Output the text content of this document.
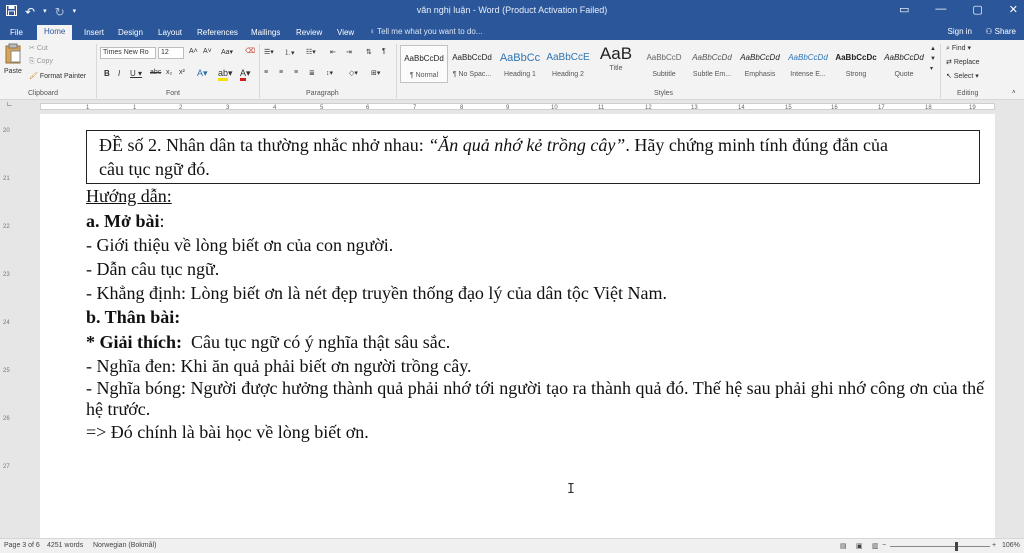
↶ ▾ ↻ ▾	văn nghị luận - Word (Product Activation Failed)	▭ — ▢ ✕
File	Home	Insert Design Layout References Mailings Review View ♀ Tell me what you want to do...	Sign in ⚇ Share
Paste
✂ Cut
⎘ Copy
🖌 Format Painter
Clipboard
Times New Ro	12	A˄ A˅ Aa▾ ⌫
B I U ▾ abc x₂ x² A▾ ab▾ A▾
Font
☰▾ ⒈▾ ☷▾ ⇤ ⇥ ⇅ ¶
≡ ≡ ≡ ≣ ↕▾ ◇▾ ⊞▾
Paragraph
AaBbCcDd
¶ Normal
AaBbCcDd
¶ No Spac...
AaBbCc
Heading 1
AaBbCcE
Heading 2
AaB
Title
AaBbCcD
Subtitle
AaBbCcDd
Subtle Em...
AaBbCcDd
Emphasis
AaBbCcDd
Intense E...
AaBbCcDc
Strong
AaBbCcDd
Quote
▲
▼
▾
Styles
⌕ Find ▾
⇄ Replace
↖ Select ▾
Editing	˄
∟	1	1	2	3	4	5	6	7	8	9	10	11	12	13	14	15	16	17	18	19
20
21
22
23
24
25
26
27
ĐỀ số 2. Nhân dân ta thường nhắc nhở nhau: “Ăn quả nhớ kẻ trồng cây”. Hãy chứng minh tính đúng đắn của
câu tục ngữ đó.
Hướng dẫn:
a. Mở bài:
- Giới thiệu về lòng biết ơn của con người.
- Dẫn câu tục ngữ.
- Khẳng định: Lòng biết ơn là nét đẹp truyền thống đạo lý của dân tộc Việt Nam.
b. Thân bài:
* Giải thích:  Câu tục ngữ có ý nghĩa thật sâu sắc.
- Nghĩa đen: Khi ăn quả phải biết ơn người trồng cây.
- Nghĩa bóng: Người được hưởng thành quả phải nhớ tới người tạo ra thành quả đó. Thế hệ sau phải ghi nhớ công ơn của thế hệ trước.
=> Đó chính là bài học về lòng biết ơn.
I
Page 3 of 6 4251 words Norwegian (Bokmål)	▤ ▣ ▥ −	+ 106%
